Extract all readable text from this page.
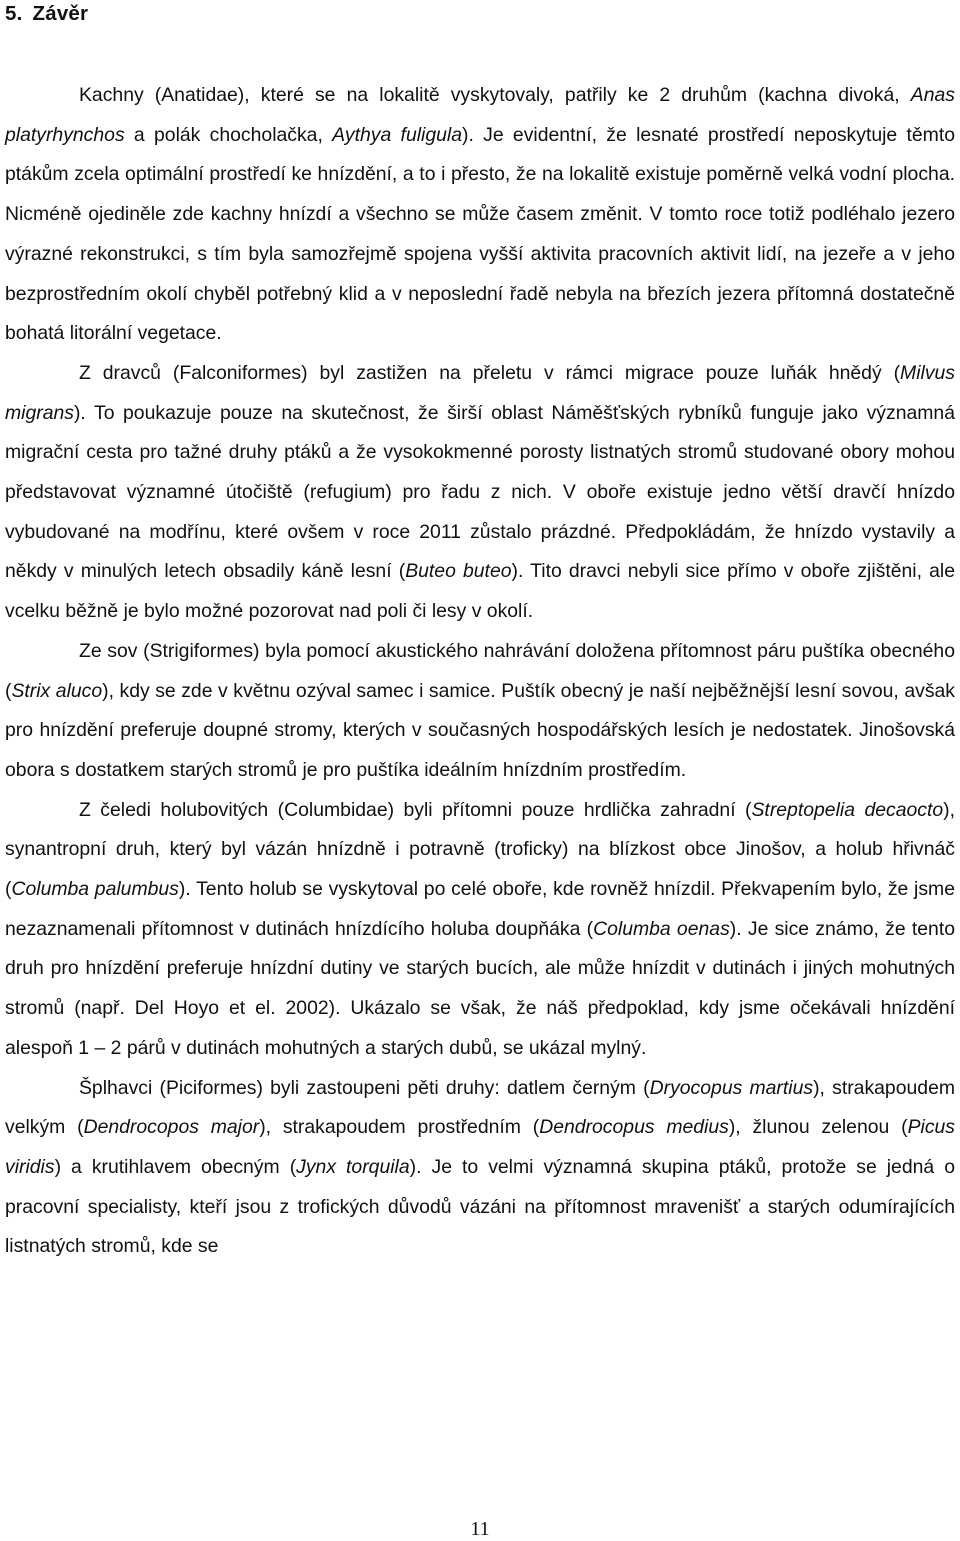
5. Závěr

Kachny (Anatidae), které se na lokalitě vyskytovaly, patřily ke 2 druhům (kachna divoká, Anas platyrhynchos a polák chocholačka, Aythya fuligula). Je evidentní, že lesnaté prostředí neposkytuje těmto ptákům zcela optimální prostředí ke hnízdění, a to i přesto, že na lokalitě existuje poměrně velká vodní plocha. Nicméně ojediněle zde kachny hnízdí a všechno se může časem změnit. V tomto roce totiž podléhalo jezero výrazné rekonstrukci, s tím byla samozřejmě spojena vyšší aktivita pracovních aktivit lidí, na jezeře a v jeho bezprostředním okolí chyběl potřebný klid a v neposlední řadě nebyla na březích jezera přítomná dostatečně bohatá litorální vegetace.

Z dravců (Falconiformes) byl zastižen na přeletu v rámci migrace pouze luňák hnědý (Milvus migrans). To poukazuje pouze na skutečnost, že širší oblast Náměšťských rybníků funguje jako významná migrační cesta pro tažné druhy ptáků a že vysokokmenné porosty listnatých stromů studované obory mohou představovat významné útočiště (refugium) pro řadu z nich. V oboře existuje jedno větší dravčí hnízdo vybudované na modřínu, které ovšem v roce 2011 zůstalo prázdné. Předpokládám, že hnízdo vystavily a někdy v minulých letech obsadily káně lesní (Buteo buteo). Tito dravci nebyli sice přímo v oboře zjištěni, ale vcelku běžně je bylo možné pozorovat nad poli či lesy v okolí.

Ze sov (Strigiformes) byla pomocí akustického nahrávání doložena přítomnost páru puštíka obecného (Strix aluco), kdy se zde v květnu ozýval samec i samice. Puštík obecný je naší nejběžnější lesní sovou, avšak pro hnízdění preferuje doupné stromy, kterých v současných hospodářských lesích je nedostatek. Jinošovská obora s dostatkem starých stromů je pro puštíka ideálním hnízdním prostředím.

Z čeledi holubovitých (Columbidae) byli přítomni pouze hrdlička zahradní (Streptopelia decaocto), synantropní druh, který byl vázán hnízdně i potravně (troficky) na blízkost obce Jinošov, a holub hřivnáč (Columba palumbus). Tento holub se vyskytoval po celé oboře, kde rovněž hnízdil. Překvapením bylo, že jsme nezaznamenali přítomnost v dutinách hnízdícího holuba doupňáka (Columba oenas). Je sice známo, že tento druh pro hnízdění preferuje hnízdní dutiny ve starých bucích, ale může hnízdit v dutinách i jiných mohutných stromů (např. Del Hoyo et el. 2002). Ukázalo se však, že náš předpoklad, kdy jsme očekávali hnízdění alespoň 1 – 2 párů v dutinách mohutných a starých dubů, se ukázal mylný.

Šplhavci (Piciformes) byli zastoupeni pěti druhy: datlem černým (Dryocopus martius), strakapoudem velkým (Dendrocopos major), strakapoudem prostředním (Dendrocopus medius), žlunou zelenou (Picus viridis) a krutihlavem obecným (Jynx torquila). Je to velmi významná skupina ptáků, protože se jedná o pracovní specialisty, kteří jsou z trofických důvodů vázáni na přítomnost mravenišť a starých odumírajících listnatých stromů, kde se

11
